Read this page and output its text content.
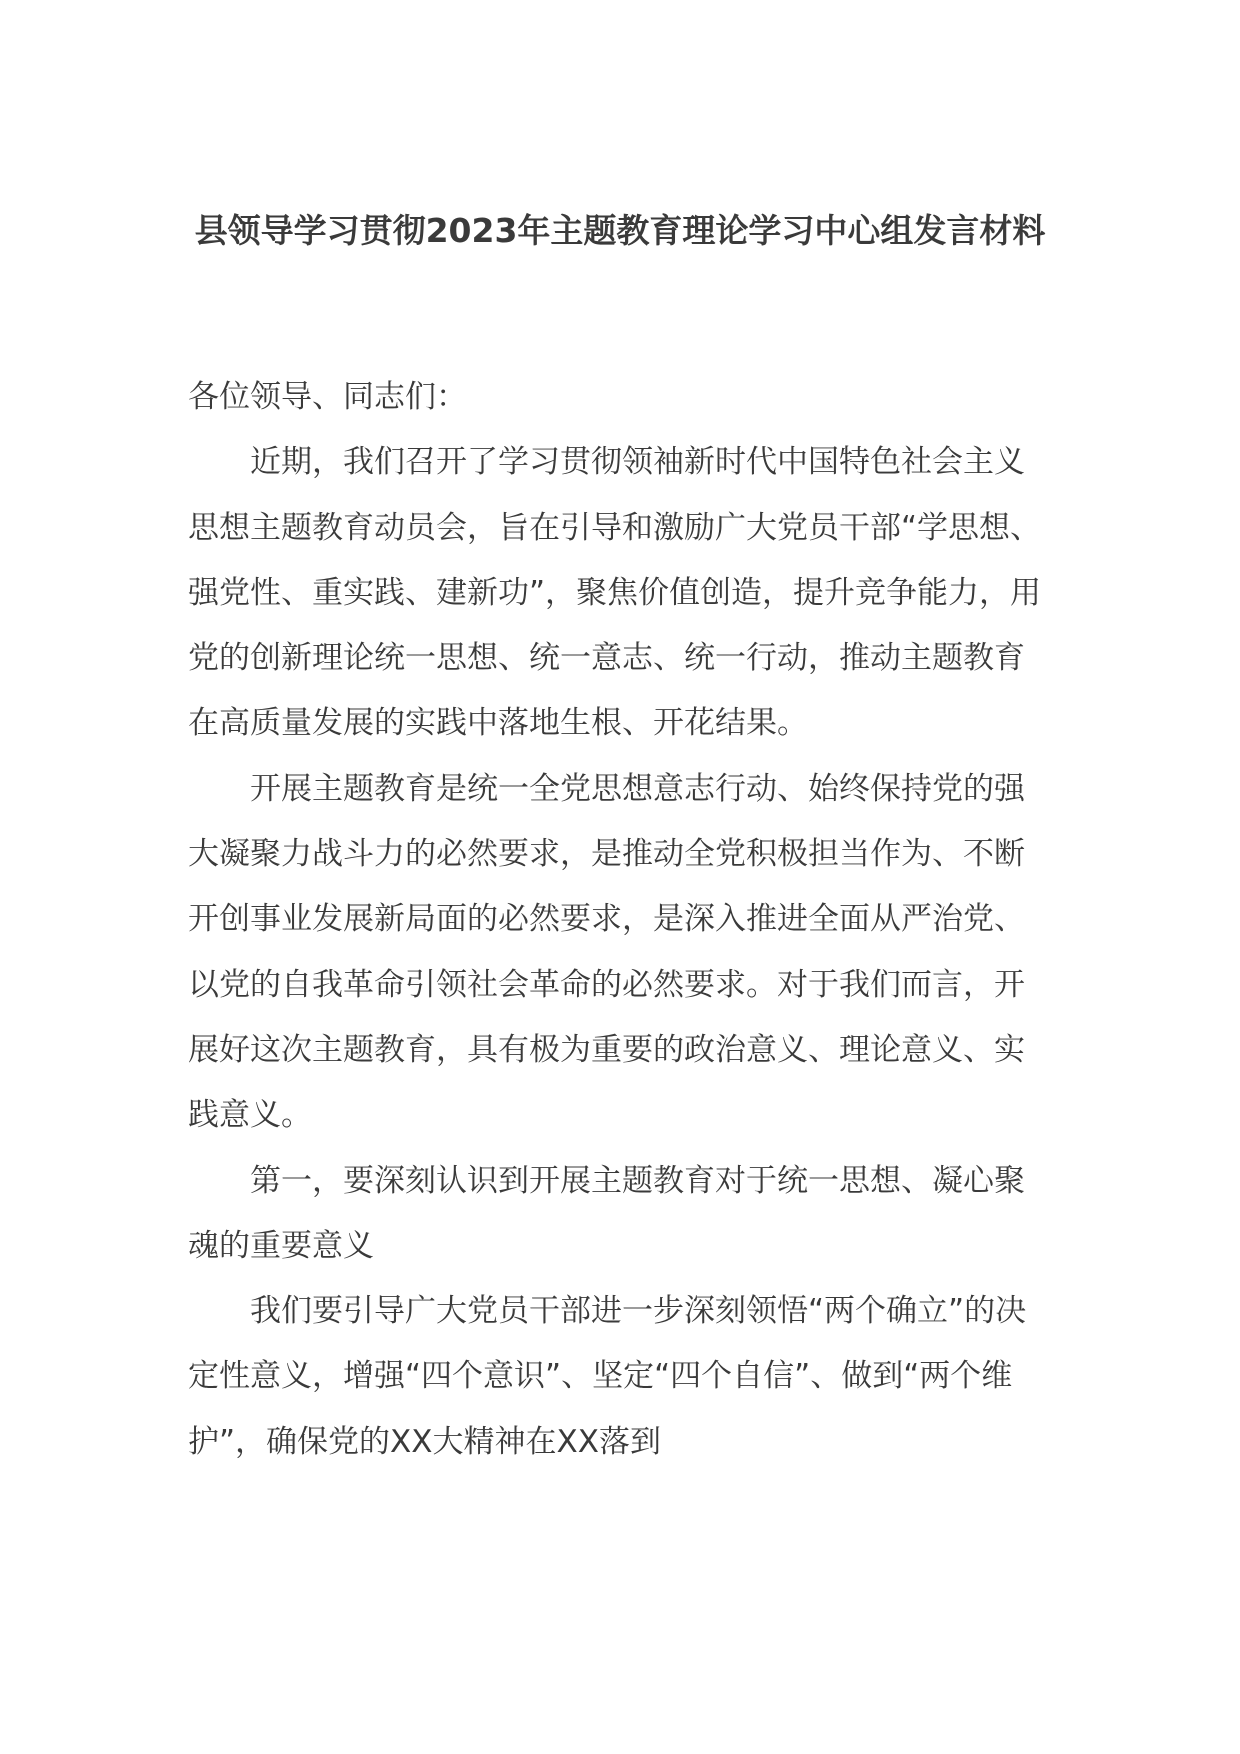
县领导学习贯彻2023年主题教育理论学习中心组发言材料

各位领导、同志们：

近期，我们召开了学习贯彻领袖新时代中国特色社会主义思想主题教育动员会，旨在引导和激励广大党员干部“学思想、强党性、重实践、建新功”，聚焦价值创造，提升竞争能力，用党的创新理论统一思想、统一意志、统一行动，推动主题教育在高质量发展的实践中落地生根、开花结果。

开展主题教育是统一全党思想意志行动、始终保持党的强大凝聚力战斗力的必然要求，是推动全党积极担当作为、不断开创事业发展新局面的必然要求，是深入推进全面从严治党、以党的自我革命引领社会革命的必然要求。对于我们而言，开展好这次主题教育，具有极为重要的政治意义、理论意义、实践意义。

第一，要深刻认识到开展主题教育对于统一思想、凝心聚魂的重要意义

我们要引导广大党员干部进一步深刻领悟“两个确立”的决定性意义，增强“四个意识”、坚定“四个自信”、做到“两个维护”，确保党的XX大精神在XX落到
